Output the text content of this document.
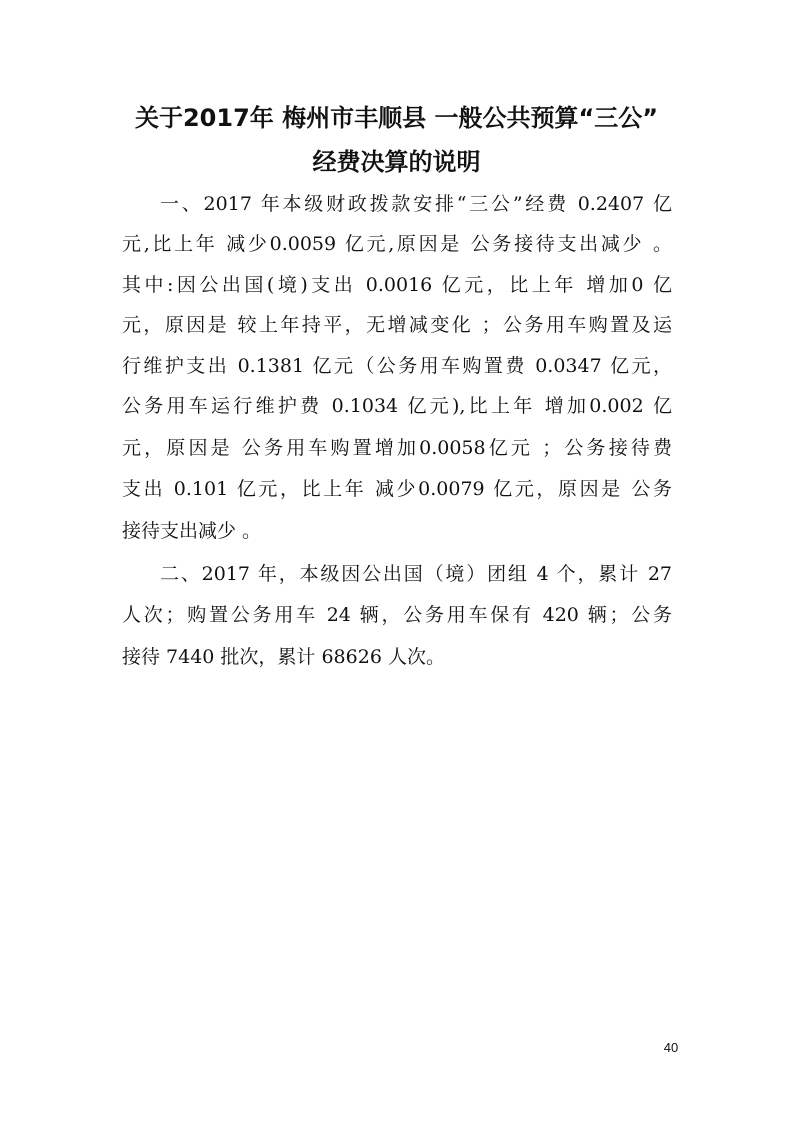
关于2017年 梅州市丰顺县 一般公共预算“三公”
经费决算的说明

一、2017 年本级财政拨款安排“三公”经费 0.2407 亿

元,比上年 减少0.0059 亿元,原因是 公务接待支出减少 。

其中:因公出国(境)支出 0.0016 亿元，比上年 增加0 亿

元，原因是 较上年持平，无增减变化 ；公务用车购置及运

行维护支出 0.1381 亿元（公务用车购置费 0.0347 亿元，

公务用车运行维护费 0.1034 亿元),比上年 增加0.002 亿

元，原因是 公务用车购置增加0.0058亿元 ；公务接待费

支出 0.101 亿元，比上年 减少0.0079 亿元，原因是 公务

接待支出减少 。

二、2017 年，本级因公出国（境）团组 4 个，累计 27

人次；购置公务用车 24 辆，公务用车保有 420 辆；公务

接待 7440 批次，累计 68626 人次。

40
